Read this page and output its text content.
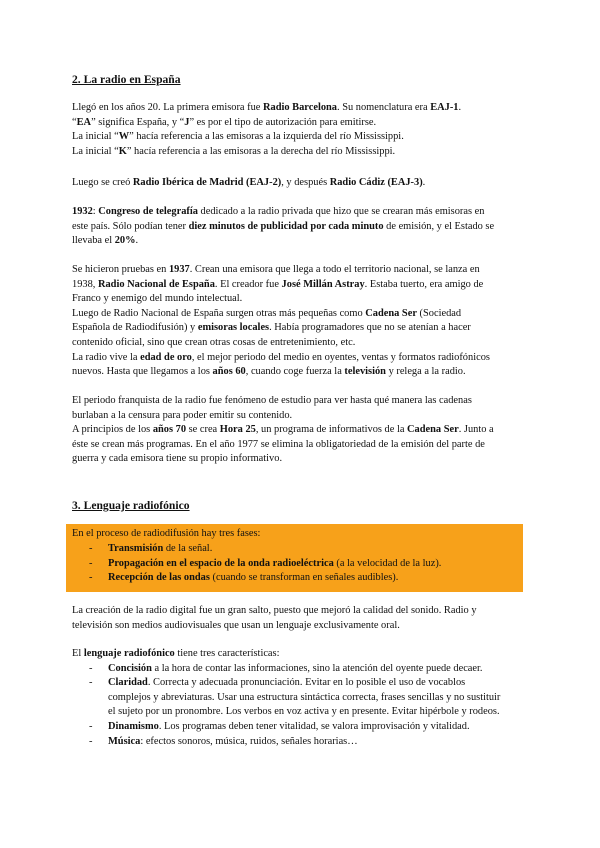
2. La radio en España
Llegó en los años 20. La primera emisora fue Radio Barcelona. Su nomenclatura era EAJ-1.
“EA” significa España, y “J” es por el tipo de autorización para emitirse.
La inicial “W” hacía referencia a las emisoras a la izquierda del río Mississippi.
La inicial “K” hacía referencia a las emisoras a la derecha del río Mississippi.
Luego se creó Radio Ibérica de Madrid (EAJ-2), y después Radio Cádiz (EAJ-3).
1932: Congreso de telegrafía dedicado a la radio privada que hizo que se crearan más emisoras en
este país. Sólo podían tener diez minutos de publicidad por cada minuto de emisión, y el Estado se
llevaba el 20%.
Se hicieron pruebas en 1937. Crean una emisora que llega a todo el territorio nacional, se lanza en
1938, Radio Nacional de España. El creador fue José Millán Astray. Estaba tuerto, era amigo de
Franco y enemigo del mundo intelectual.
Luego de Radio Nacional de España surgen otras más pequeñas como Cadena Ser (Sociedad
Española de Radiodifusión) y emisoras locales. Había programadores que no se atenían a hacer
contenido oficial, sino que crean otras cosas de entretenimiento, etc.
La radio vive la edad de oro, el mejor periodo del medio en oyentes, ventas y formatos radiofónicos
nuevos. Hasta que llegamos a los años 60, cuando coge fuerza la televisión y relega a la radio.
El periodo franquista de la radio fue fenómeno de estudio para ver hasta qué manera las cadenas
burlaban a la censura para poder emitir su contenido.
A principios de los años 70 se crea Hora 25, un programa de informativos de la Cadena Ser. Junto a
éste se crean más programas. En el año 1977 se elimina la obligatoriedad de la emisión del parte de
guerra y cada emisora tiene su propio informativo.
3. Lenguaje radiofónico
En el proceso de radiodifusión hay tres fases:
- Transmisión de la señal.
- Propagación en el espacio de la onda radioeléctrica (a la velocidad de la luz).
- Recepción de las ondas (cuando se transforman en señales audibles).
La creación de la radio digital fue un gran salto, puesto que mejoró la calidad del sonido. Radio y
televisión son medios audiovisuales que usan un lenguaje exclusivamente oral.
El lenguaje radiofónico tiene tres características:
- Concisión a la hora de contar las informaciones, sino la atención del oyente puede decaer.
- Claridad. Correcta y adecuada pronunciación. Evitar en lo posible el uso de vocablos
complejos y abreviaturas. Usar una estructura sintáctica correcta, frases sencillas y no sustituir
el sujeto por un pronombre. Los verbos en voz activa y en presente. Evitar hipérbole y rodeos.
- Dinamismo. Los programas deben tener vitalidad, se valora improvisación y vitalidad.
- Música: efectos sonoros, música, ruidos, señales horarias…
